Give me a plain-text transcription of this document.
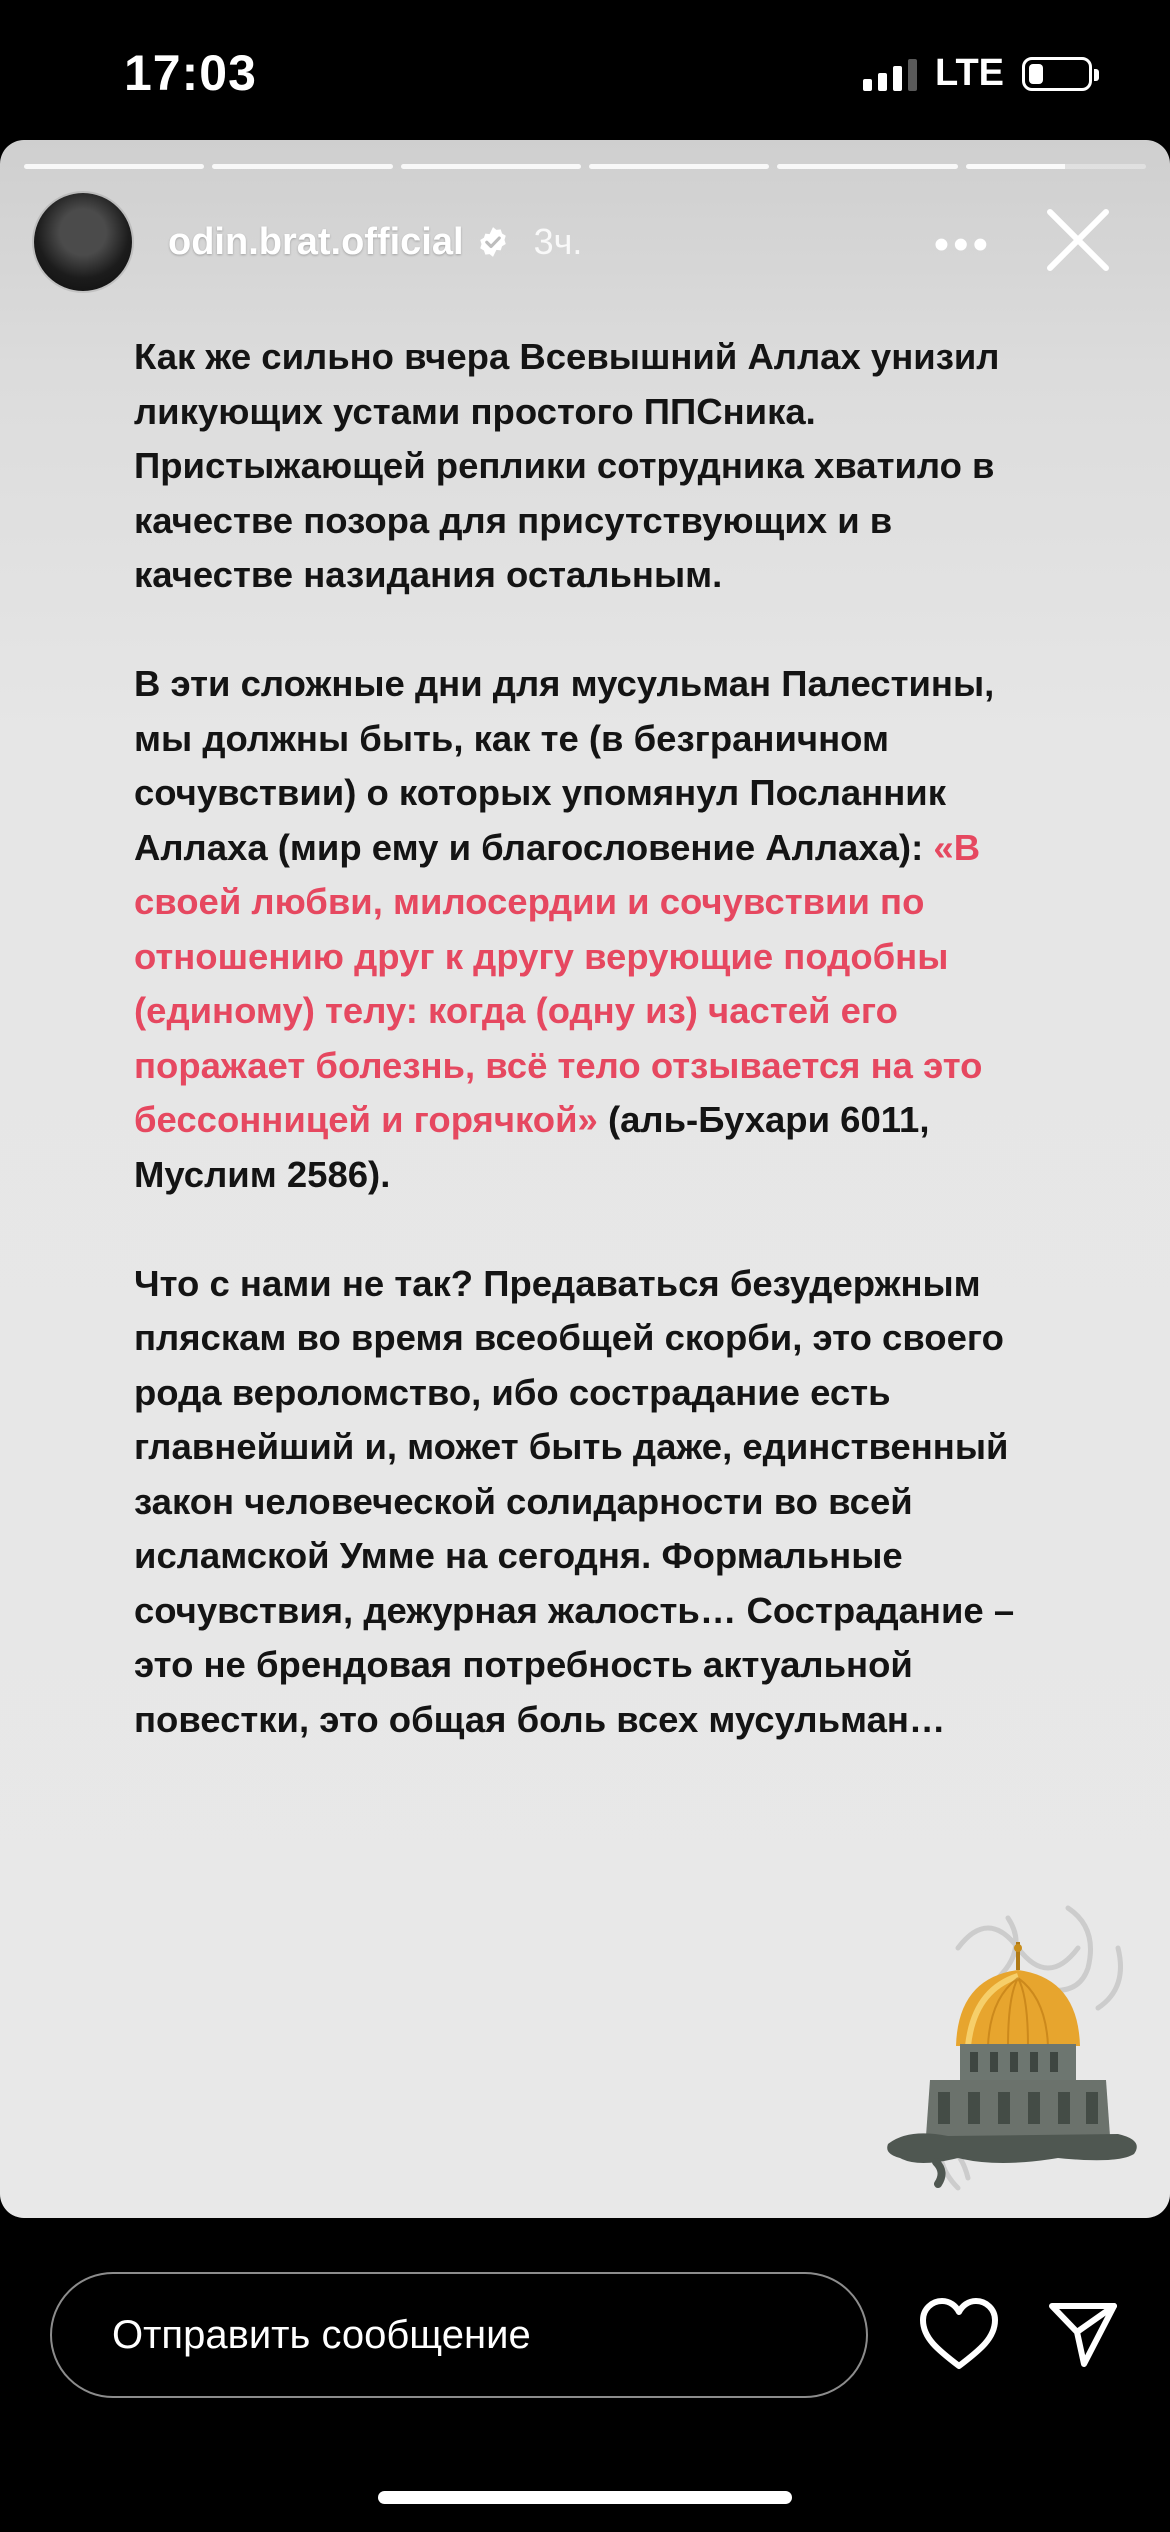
17:03	LTE
odin.brat.official 3ч.	•••

Как же сильно вчера Всевышний Аллах унизил ликующих устами простого ППСника. Пристыжающей реплики сотрудника хватило в качестве позора для присутствующих и в качестве назидания остальным.

В эти сложные дни для мусульман Палестины, мы должны быть, как те (в безграничном сочувствии) о которых упомянул Посланник Аллаха (мир ему и благословение Аллаха): «В своей любви, милосердии и сочувствии по отношению друг к другу верующие подобны (единому) телу: когда (одну из) частей его поражает болезнь, всё тело отзывается на это бессонницей и горячкой» (аль-Бухари 6011, Муслим 2586).

Что с нами не так? Предаваться безудержным пляскам во время всеобщей скорби, это своего рода вероломство, ибо сострадание есть главнейший и, может быть даже, единственный закон человеческой солидарности во всей исламской Умме на сегодня. Формальные сочувствия, дежурная жалость… Сострадание – это не брендовая потребность актуальной повестки, это общая боль всех мусульман…

Отправить сообщение
